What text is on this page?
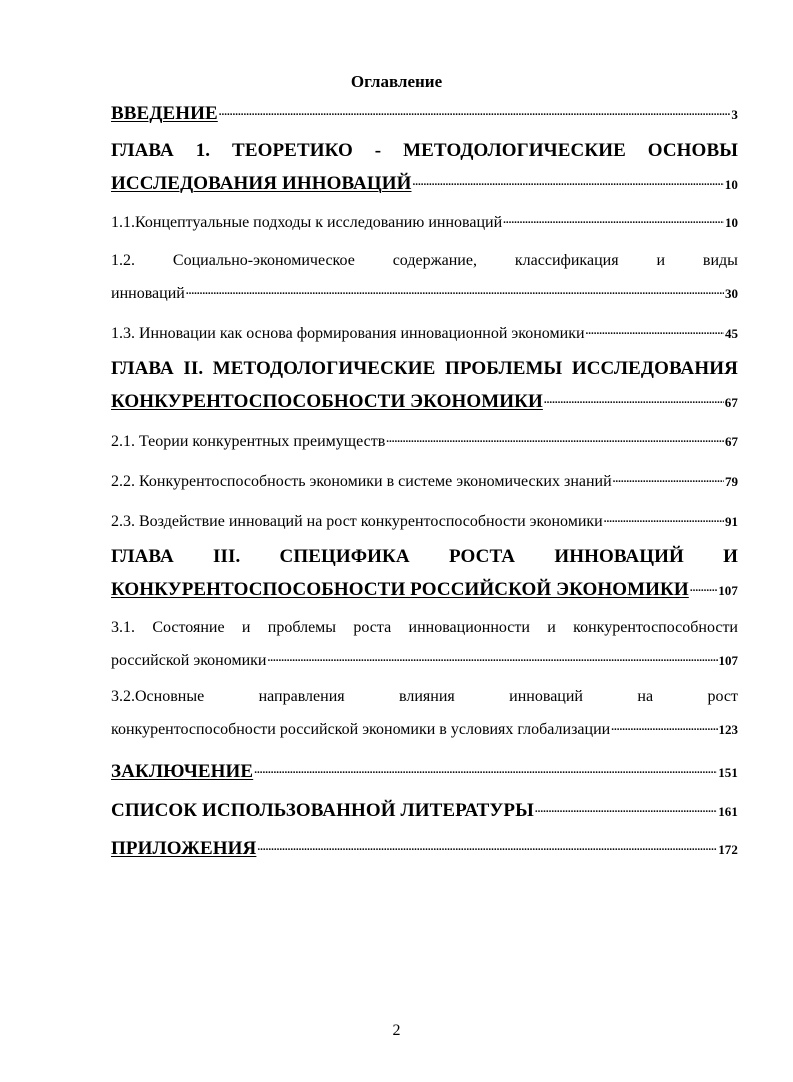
Оглавление
ВВЕДЕНИЕ .....	3
ГЛАВА 1. ТЕОРЕТИКО - МЕТОДОЛОГИЧЕСКИЕ ОСНОВЫ
ИССЛЕДОВАНИЯ ИННОВАЦИЙ .....	10
1.1.Концептуальные подходы к исследованию инноваций .....	10
1.2. Социально-экономическое содержание, классификация и виды
инноваций .....	30
1.3. Инновации как основа формирования инновационной экономики .....	45
ГЛАВА II. МЕТОДОЛОГИЧЕСКИЕ ПРОБЛЕМЫ ИССЛЕДОВАНИЯ
КОНКУРЕНТОСПОСОБНОСТИ ЭКОНОМИКИ .....	67
2.1. Теории конкурентных преимуществ .....	67
2.2. Конкурентоспособность экономики в системе экономических знаний .....	79
2.3. Воздействие инноваций на рост конкурентоспособности экономики .....	91
ГЛАВА III. СПЕЦИФИКА РОСТА ИННОВАЦИЙ И
КОНКУРЕНТОСПОСОБНОСТИ РОССИЙСКОЙ ЭКОНОМИКИ ..... 107
3.1. Состояние и проблемы роста инновационности и конкурентоспособности
российской экономики .....	107
3.2.Основные	направления	влияния	инноваций	на	рост
конкурентоспособности российской экономики в условиях глобализации .....	123
ЗАКЛЮЧЕНИЕ .....	151
СПИСОК ИСПОЛЬЗОВАННОЙ ЛИТЕРАТУРЫ .....	161
ПРИЛОЖЕНИЯ .....	172
2
